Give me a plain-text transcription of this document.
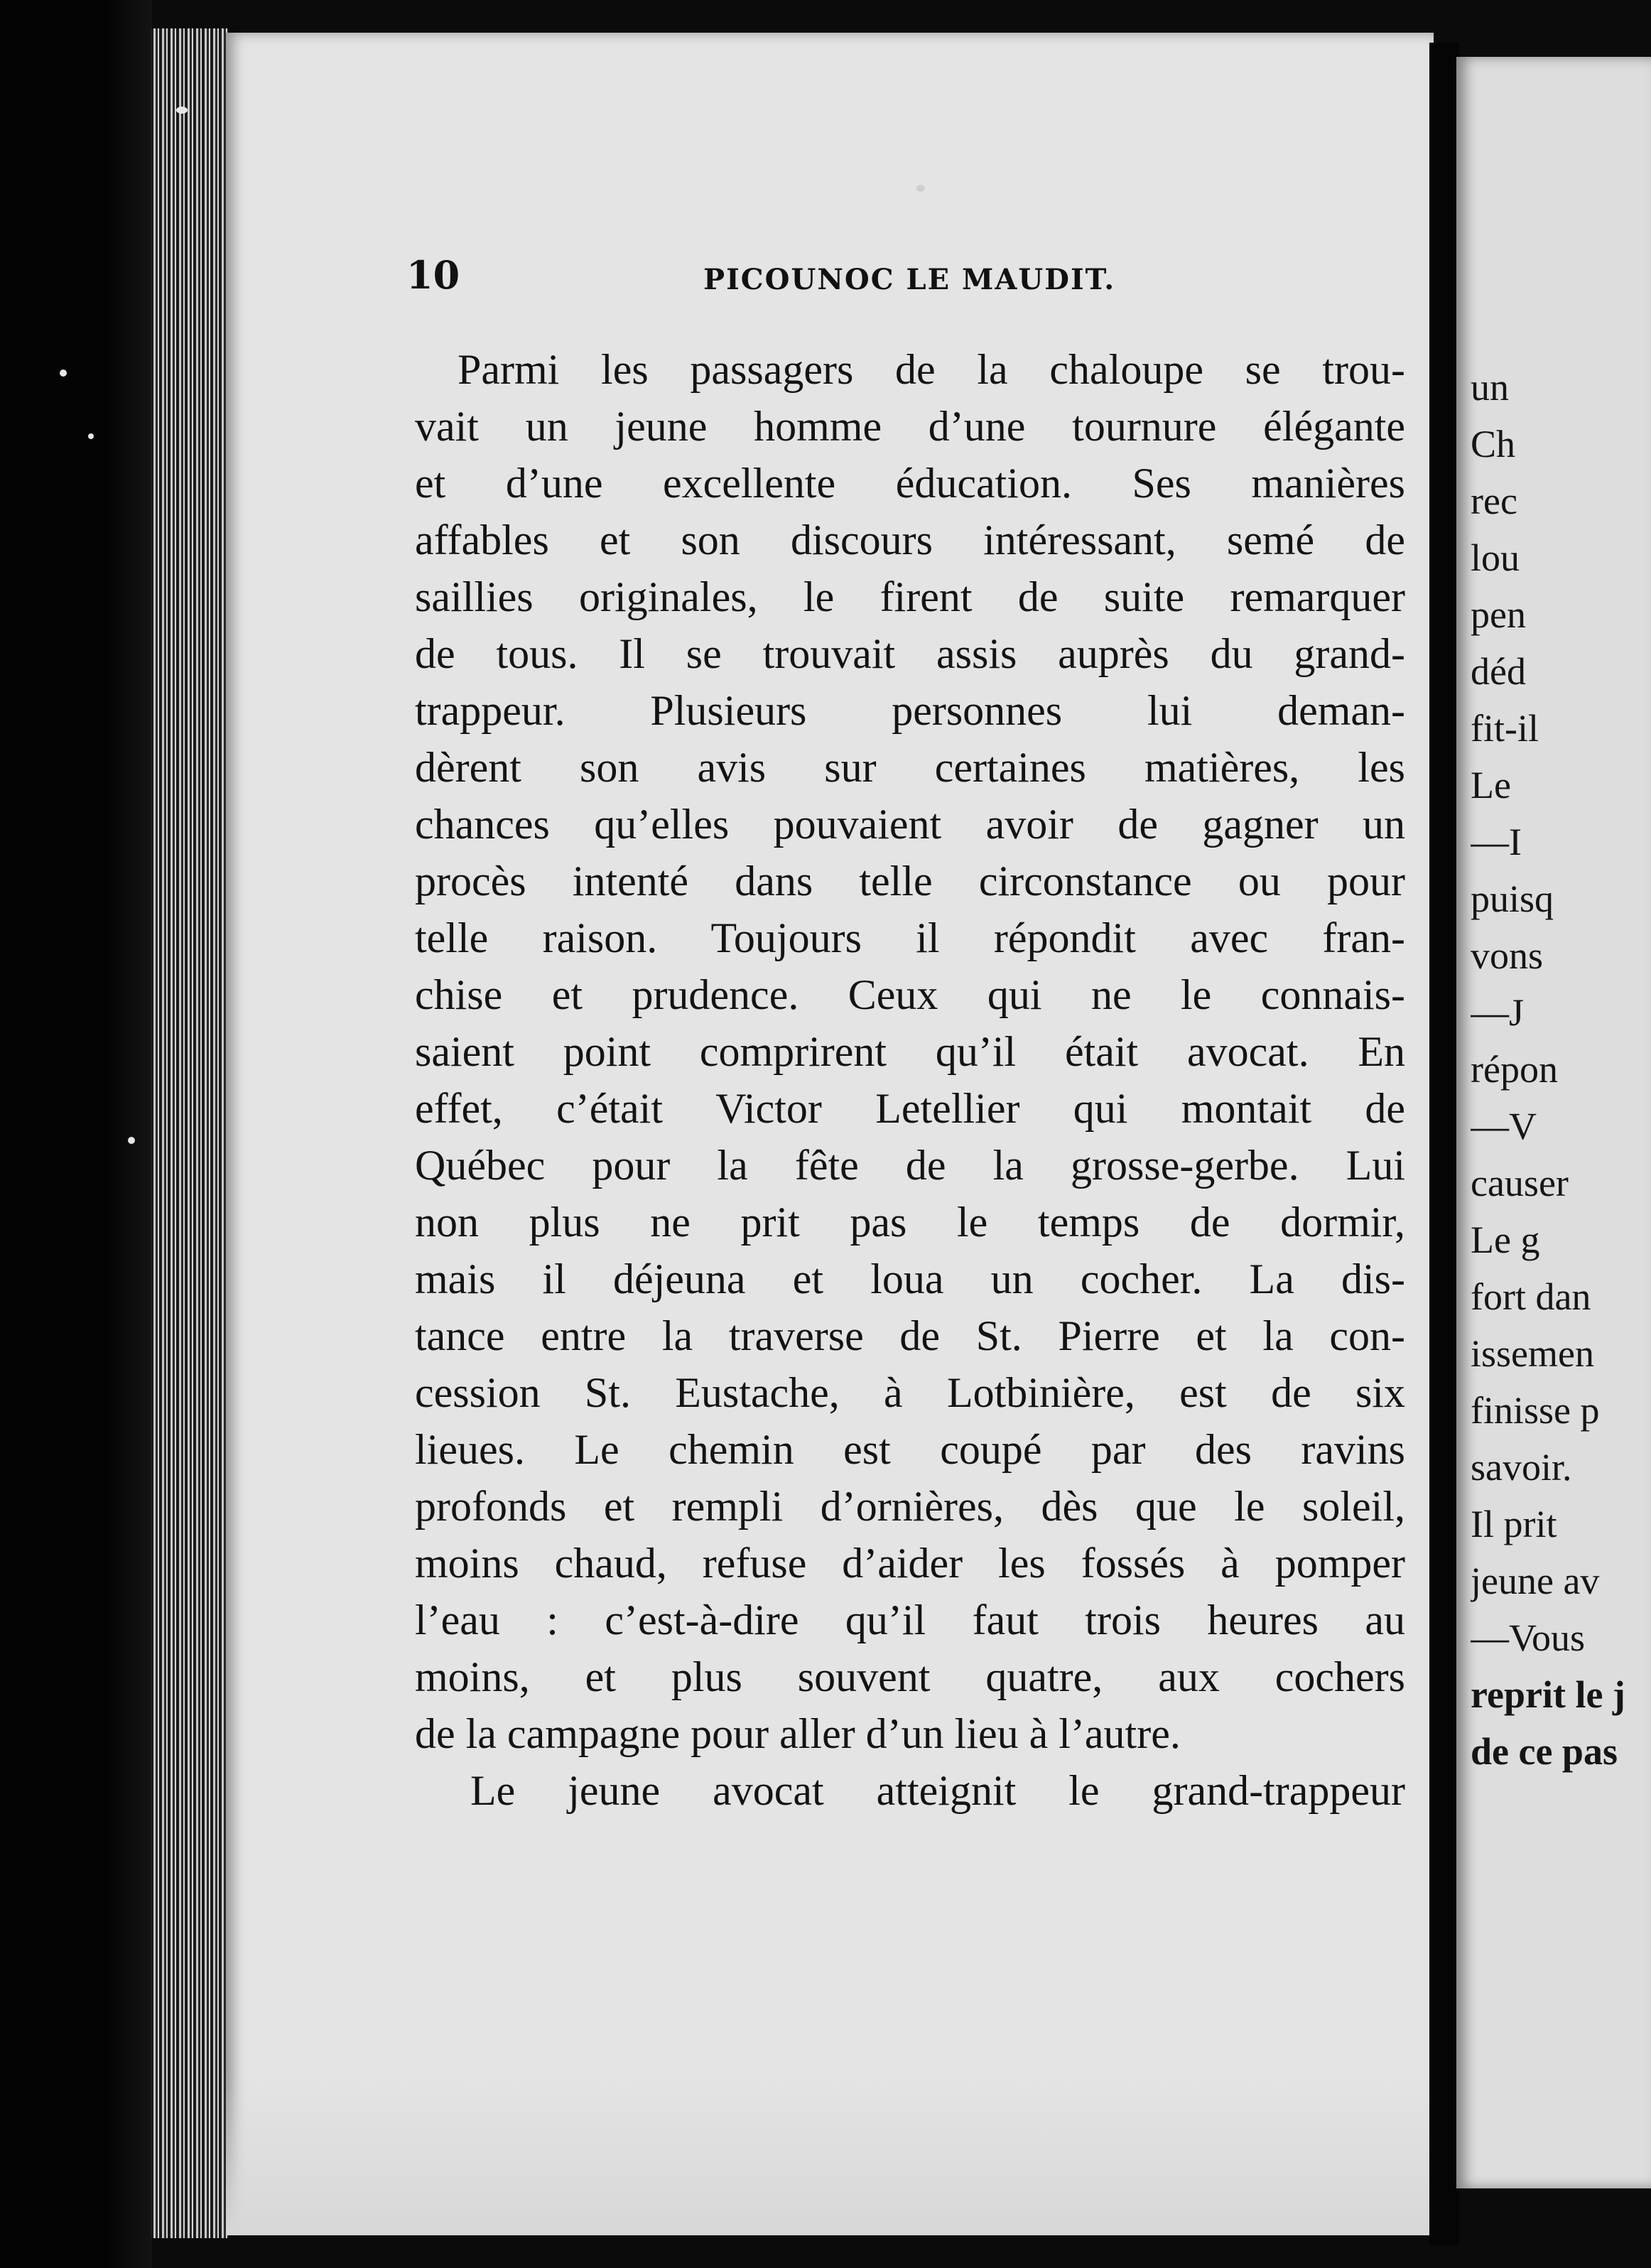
10	PICOUNOC LE MAUDIT.
Parmi les passagers de la chaloupe se trou-
vait un jeune homme d’une tournure élégante
et d’une excellente éducation. Ses manières
affables et son discours intéressant, semé de
saillies originales, le firent de suite remarquer
de tous. Il se trouvait assis auprès du grand-
trappeur. Plusieurs personnes lui deman-
dèrent son avis sur certaines matières, les
chances qu’elles pouvaient avoir de gagner un
procès intenté dans telle circonstance ou pour
telle raison. Toujours il répondit avec fran-
chise et prudence. Ceux qui ne le connais-
saient point comprirent qu’il était avocat. En
effet, c’était Victor Letellier qui montait de
Québec pour la fête de la grosse-gerbe. Lui
non plus ne prit pas le temps de dormir,
mais il déjeuna et loua un cocher. La dis-
tance entre la traverse de St. Pierre et la con-
cession St. Eustache, à Lotbinière, est de six
lieues. Le chemin est coupé par des ravins
profonds et rempli d’ornières, dès que le soleil,
moins chaud, refuse d’aider les fossés à pomper
l’eau : c’est-à-dire qu’il faut trois heures au
moins, et plus souvent quatre, aux cochers
de la campagne pour aller d’un lieu à l’autre.
Le jeune avocat atteignit le grand-trappeur
un
Ch
rec
lou
pen
déd
fit-il
Le
—I
puisq
vons
—J
répon
—V
causer
Le g
fort dan
issemen
finisse p
savoir.
Il prit
jeune av
—Vous
reprit le j
de ce pas
